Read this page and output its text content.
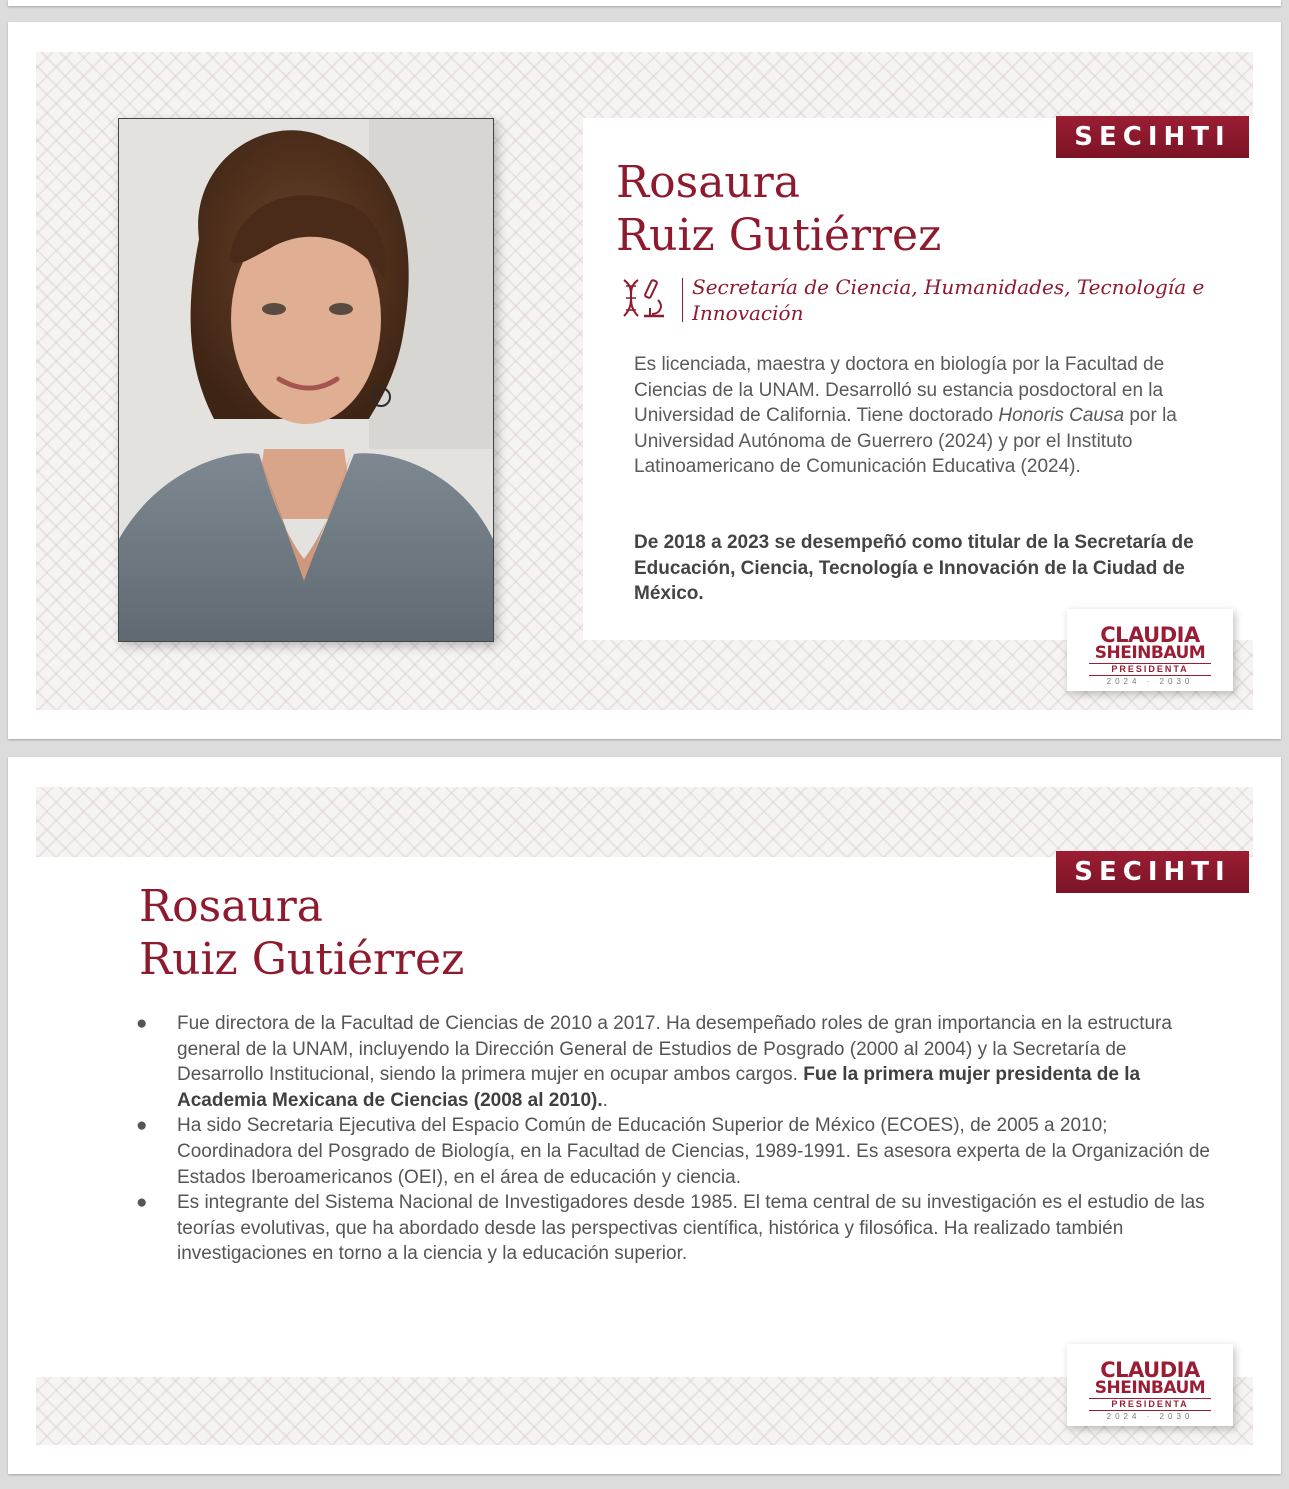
SECIHTI
Rosaura
Ruiz Gutiérrez
Secretaría de Ciencia, Humanidades, Tecnología e
Innovación
Es licenciada, maestra y doctora en biología por la Facultad de Ciencias de la UNAM. Desarrolló su estancia posdoctoral en la Universidad de California. Tiene doctorado Honoris Causa por la Universidad Autónoma de Guerrero (2024) y por el Instituto Latinoamericano de Comunicación Educativa (2024).
De 2018 a 2023 se desempeñó como titular de la Secretaría de Educación, Ciencia, Tecnología e Innovación de la Ciudad de México.
CLAUDIA
SHEINBAUM
PRESIDENTA
2024 · 2030
SECIHTI
Rosaura
Ruiz Gutiérrez
● Fue directora de la Facultad de Ciencias de 2010 a 2017. Ha desempeñado roles de gran importancia en la estructura general de la UNAM, incluyendo la Dirección General de Estudios de Posgrado (2000 al 2004) y la Secretaría de Desarrollo Institucional, siendo la primera mujer en ocupar ambos cargos. Fue la primera mujer presidenta de la Academia Mexicana de Ciencias (2008 al 2010)..
● Ha sido Secretaria Ejecutiva del Espacio Común de Educación Superior de México (ECOES), de 2005 a 2010; Coordinadora del Posgrado de Biología, en la Facultad de Ciencias, 1989-1991. Es asesora experta de la Organización de Estados Iberoamericanos (OEI), en el área de educación y ciencia.
● Es integrante del Sistema Nacional de Investigadores desde 1985. El tema central de su investigación es el estudio de las teorías evolutivas, que ha abordado desde las perspectivas científica, histórica y filosófica. Ha realizado también investigaciones en torno a la ciencia y la educación superior.
CLAUDIA
SHEINBAUM
PRESIDENTA
2024 · 2030
